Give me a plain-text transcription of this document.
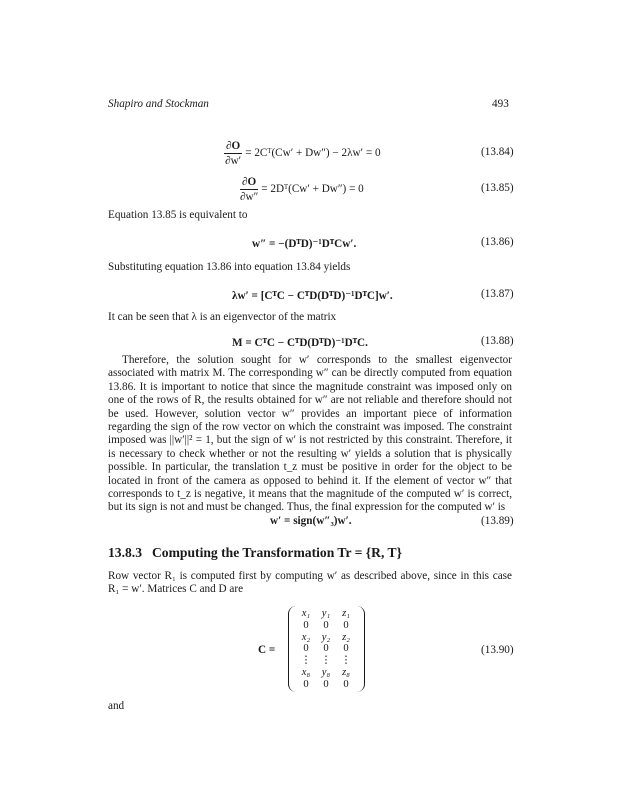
Shapiro and Stockman	493
$\frac{\partial O}{\partial w'}$ = 2Cᵀ(Cw′ + Dw″) − 2λw′ = 0	(13.84)
$\frac{\partial O}{\partial w''}$ = 2Dᵀ(Cw′ + Dw″) = 0	(13.85)
Equation 13.85 is equivalent to
w″ = −(DᵀD)⁻¹DᵀCw′.	(13.86)
Substituting equation 13.86 into equation 13.84 yields
λw′ = [CᵀC − CᵀD(DᵀD)⁻¹DᵀC]w′.	(13.87)
It can be seen that λ is an eigenvector of the matrix
M = CᵀC − CᵀD(DᵀD)⁻¹DᵀC.	(13.88)
Therefore, the solution sought for w′ corresponds to the smallest eigenvector associated with matrix M. The corresponding w″ can be directly computed from equation 13.86. It is important to notice that since the magnitude constraint was imposed only on one of the rows of R, the results obtained for w″ are not reliable and therefore should not be used. However, solution vector w″ provides an important piece of information regarding the sign of the row vector on which the constraint was imposed. The constraint imposed was ||w′||² = 1, but the sign of w′ is not restricted by this constraint. Therefore, it is necessary to check whether or not the resulting w′ yields a solution that is physically possible. In particular, the translation t_z must be positive in order for the object to be located in front of the camera as opposed to behind it. If the element of vector w″ that corresponds to t_z is negative, it means that the magnitude of the computed w′ is correct, but its sign is not and must be changed. Thus, the final expression for the computed w′ is
w′ = sign(w″₃)w′.	(13.89)
13.8.3 Computing the Transformation Tr = {R, T}
Row vector R₁ is computed first by computing w′ as described above, since in this case R₁ = w′. Matrices C and D are
C =
x₁	y₁	z₁
0	0	0
x₂	y₂	z₂
0	0	0
⋮ ⋮ ⋮
x₈	y₈	z₈
0	0	0
(13.90)
and
